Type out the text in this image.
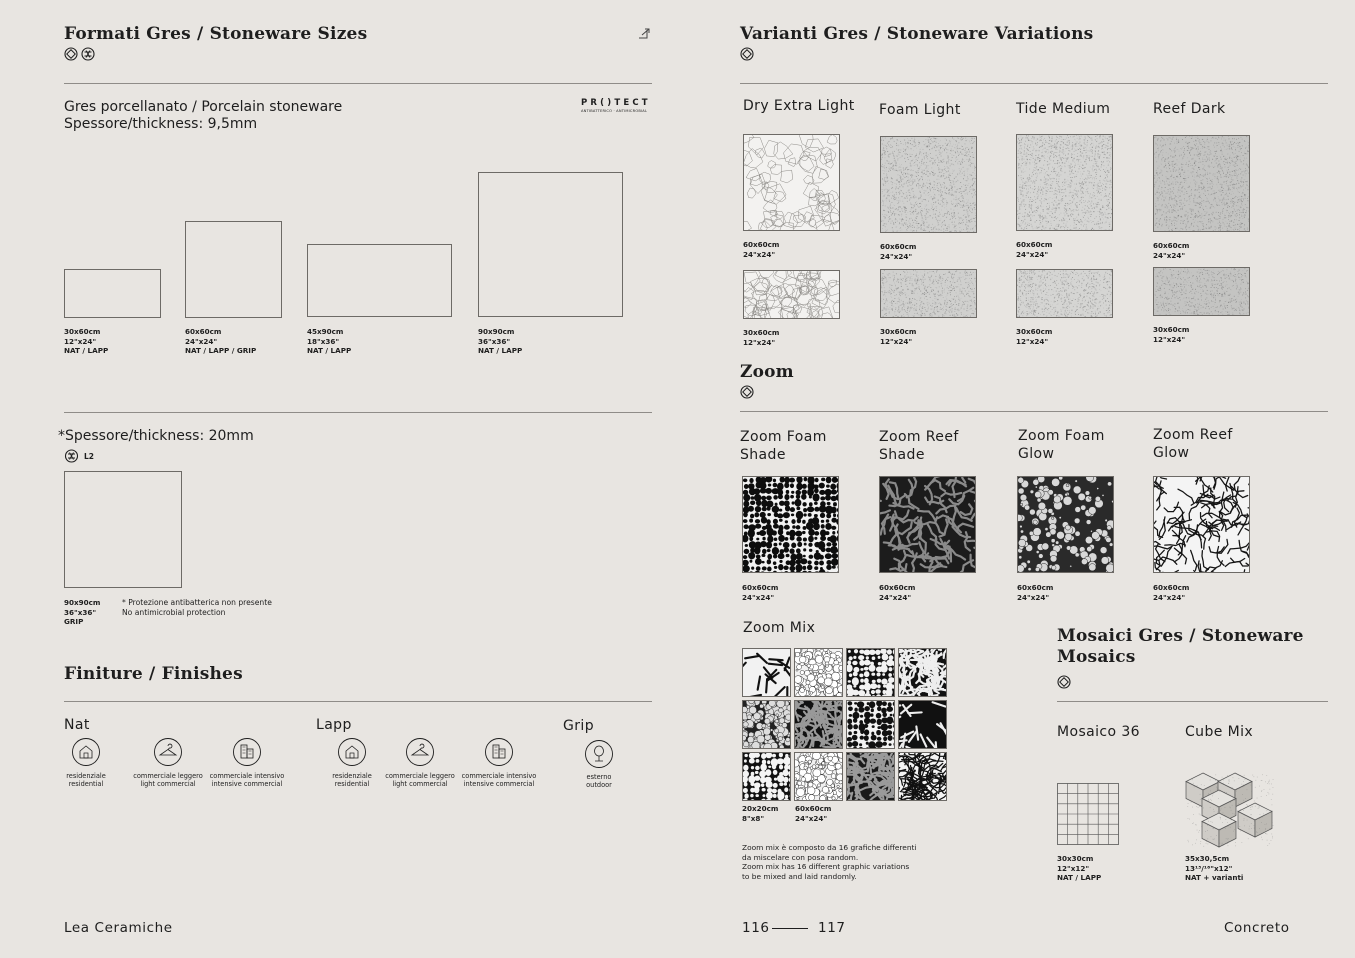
Formati Gres / Stoneware Sizes
Gres porcellanato / Porcelain stoneware
Spessore/thickness: 9,5mm
PR()TECT
ANTIBATTERICO · ANTIMICROBIAL
30x60cm
12"x24"
NAT / LAPP
60x60cm
24"x24"
NAT / LAPP / GRIP
45x90cm
18"x36"
NAT / LAPP
90x90cm
36"x36"
NAT / LAPP
*Spessore/thickness: 20mm
L2
90x90cm
36"x36"
GRIP
* Protezione antibatterica non presente
No antimicrobial protection
Finiture / Finishes
Nat	Lapp	Grip
residenziale
residential
commerciale leggero
light commercial
commerciale intensivo
intensive commercial
residenziale
residential
commerciale leggero
light commercial
commerciale intensivo
intensive commercial
esterno
outdoor
Lea Ceramiche
Varianti Gres / Stoneware Variations
Dry Extra Light Foam Light	Tide Medium	Reef Dark
60x60cm
24"x24"
60x60cm
24"x24"
60x60cm
24"x24"
60x60cm
24"x24"
30x60cm
12"x24"
30x60cm
12"x24"
30x60cm
12"x24"
30x60cm
12"x24"
Zoom
Zoom Foam
Shade
Zoom Reef
Shade
Zoom Foam
Glow
Zoom Reef
Glow
60x60cm
24"x24"
60x60cm
24"x24"
60x60cm
24"x24"
60x60cm
24"x24"
Zoom Mix
20x20cm
8"x8"
60x60cm
24"x24"
Zoom mix è composto da 16 grafiche differenti
da miscelare con posa random.
Zoom mix has 16 different graphic variations
to be mixed and laid randomly.
Mosaici Gres / Stoneware
Mosaics
Mosaico 36	Cube Mix
30x30cm
12"x12"
NAT / LAPP
35x30,5cm
13¹³/¹⁶"x12"
NAT + varianti
116	117	Concreto
